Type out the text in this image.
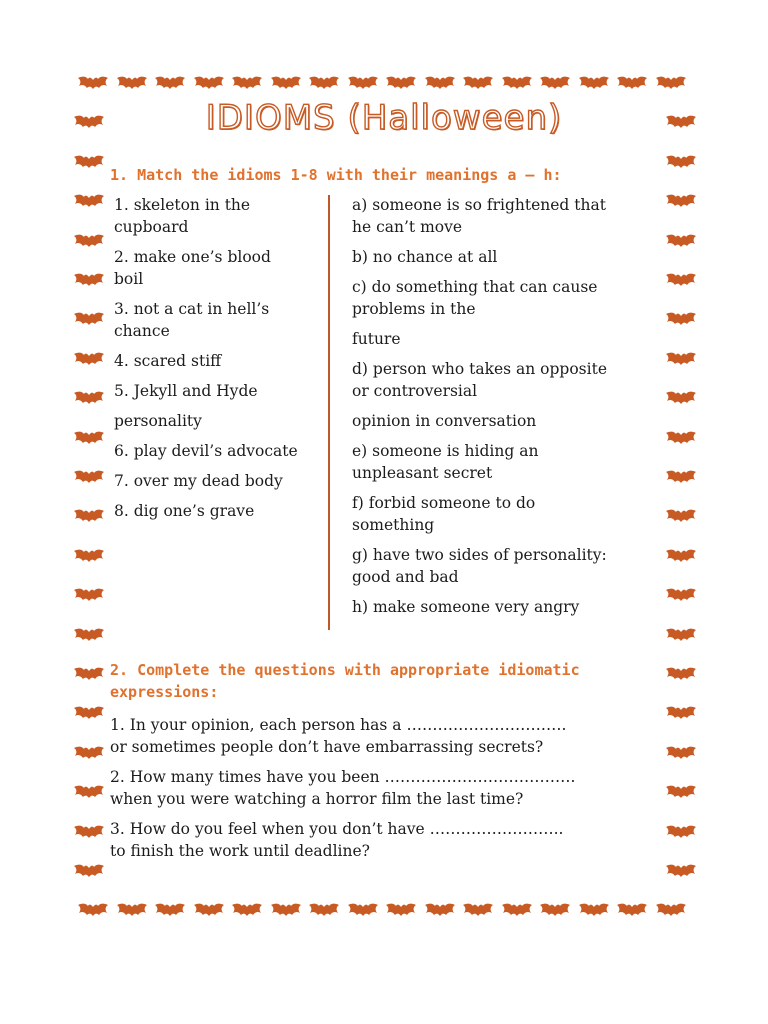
IDIOMS (Halloween)
1. Match the idioms 1-8 with their meanings a – h:
1. skeleton in the
cupboard
2. make one’s blood
boil
3. not a cat in hell’s
chance
4. scared stiff
5. Jekyll and Hyde
personality
6. play devil’s advocate
7. over my dead body
8. dig one’s grave
a) someone is so frightened that
he can’t move
b) no chance at all
c) do something that can cause
problems in the
future
d) person who takes an opposite
or controversial
opinion in conversation
e) someone is hiding an
unpleasant secret
f) forbid someone to do
something
g) have two sides of personality:
good and bad
h) make someone very angry
2. Complete the questions with appropriate idiomatic
expressions:
1. In your opinion, each person has a ………………………….
or sometimes people don’t have embarrassing secrets?
2. How many times have you been ……………………………….
when you were watching a horror film the last time?
3. How do you feel when you don’t have ……………………..
to finish the work until deadline?
